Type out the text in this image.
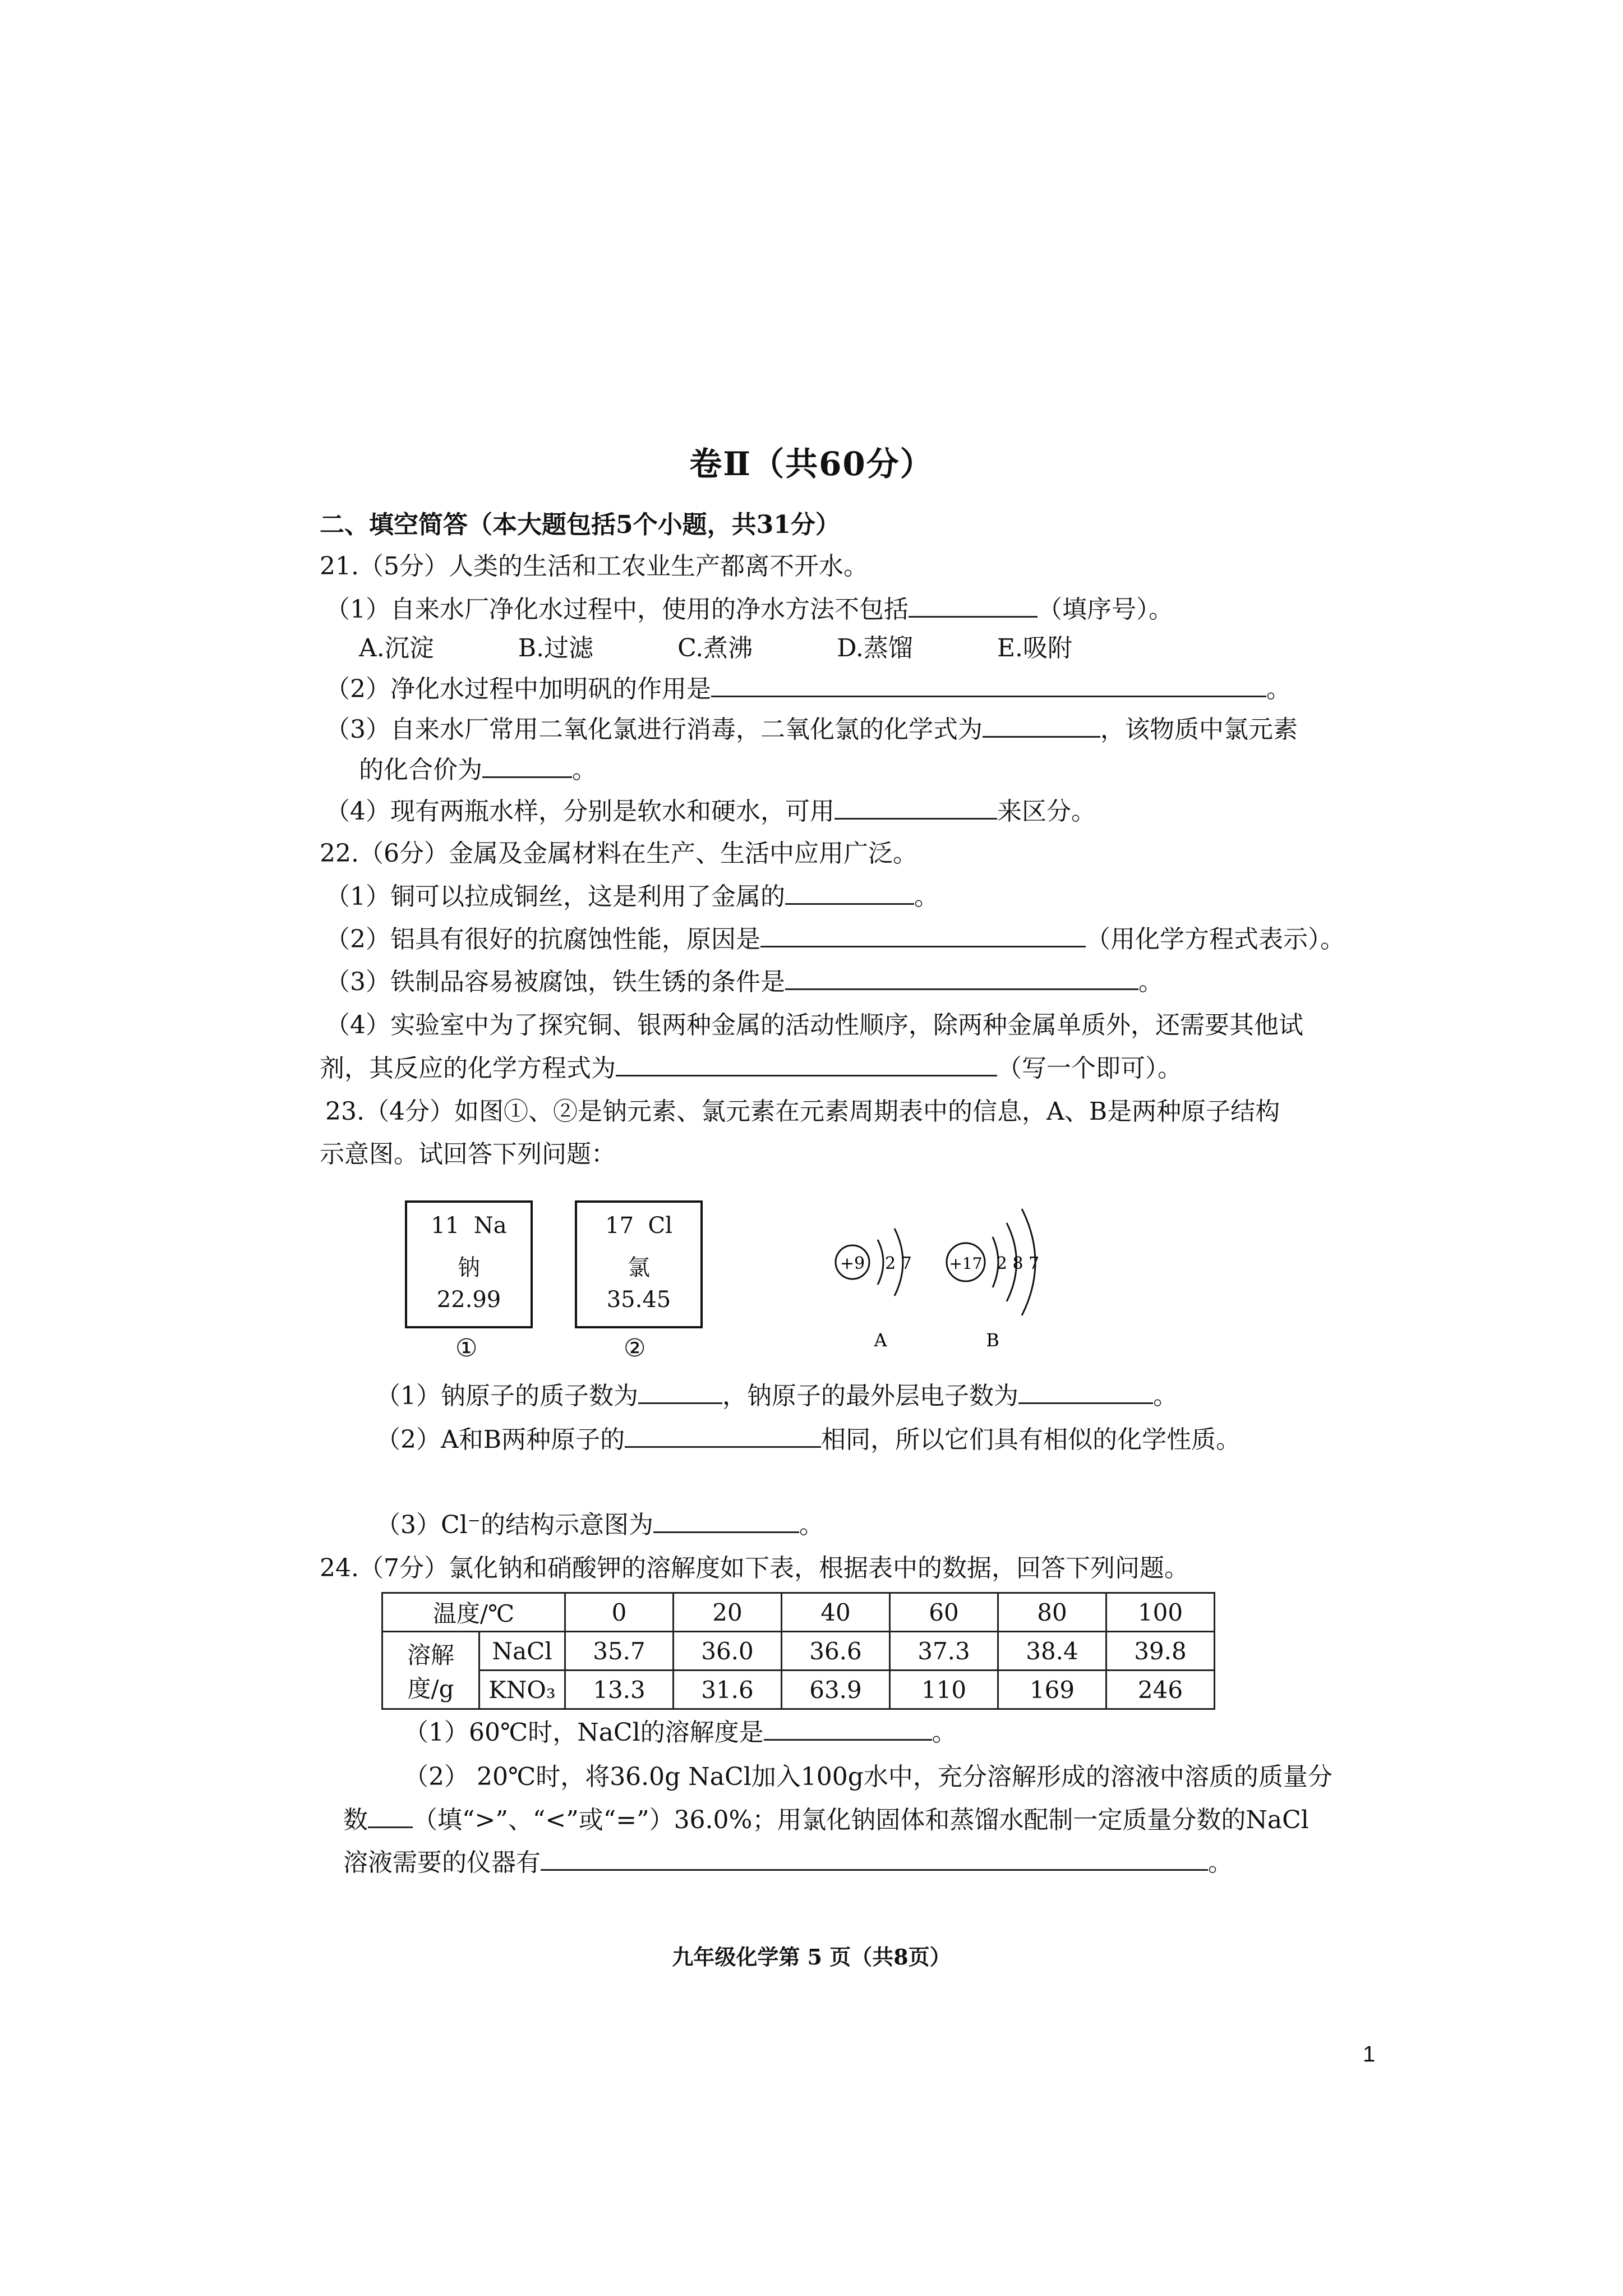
卷Ⅱ（共60分）
二、填空简答（本大题包括5个小题，共31分）
21.（5分）人类的生活和工农业生产都离不开水。
（1）自来水厂净化水过程中，使用的净水方法不包括	（填序号）。
A.沉淀	B.过滤	C.煮沸	D.蒸馏	E.吸附
（2）净化水过程中加明矾的作用是	。
（3）自来水厂常用二氧化氯进行消毒，二氧化氯的化学式为	，该物质中氯元素
的化合价为	。
（4）现有两瓶水样，分别是软水和硬水，可用	来区分。
22.（6分）金属及金属材料在生产、生活中应用广泛。
（1）铜可以拉成铜丝，这是利用了金属的	。
（2）铝具有很好的抗腐蚀性能，原因是	（用化学方程式表示）。
（3）铁制品容易被腐蚀，铁生锈的条件是	。
（4）实验室中为了探究铜、银两种金属的活动性顺序，除两种金属单质外，还需要其他试
剂，其反应的化学方程式为	（写一个即可）。
23.（4分）如图①、②是钠元素、氯元素在元素周期表中的信息，A、B是两种原子结构
示意图。试回答下列问题：
11 Na
钠
22.99
①
17 Cl
氯
35.45
②
+9 2 7
A
+17 2 8 7
B
（1）钠原子的质子数为	，钠原子的最外层电子数为	。
（2）A和B两种原子的	相同，所以它们具有相似的化学性质。
（3）Cl⁻的结构示意图为	。
24.（7分）氯化钠和硝酸钾的溶解度如下表，根据表中的数据，回答下列问题。
温度/℃		0	20	40	60	80	100
溶解度/g	NaCl	35.7	36.0	36.6	37.3	38.4	39.8
	KNO₃	13.3	31.6	63.9	110	169	246
（1）60℃时，NaCl的溶解度是	。
（2） 20℃时，将36.0g NaCl加入100g水中，充分溶解形成的溶液中溶质的质量分
数 （填“>”、“<”或“=”）36.0%；用氯化钠固体和蒸馏水配制一定质量分数的NaCl
溶液需要的仪器有	。
九年级化学第 5 页（共8页）
1
